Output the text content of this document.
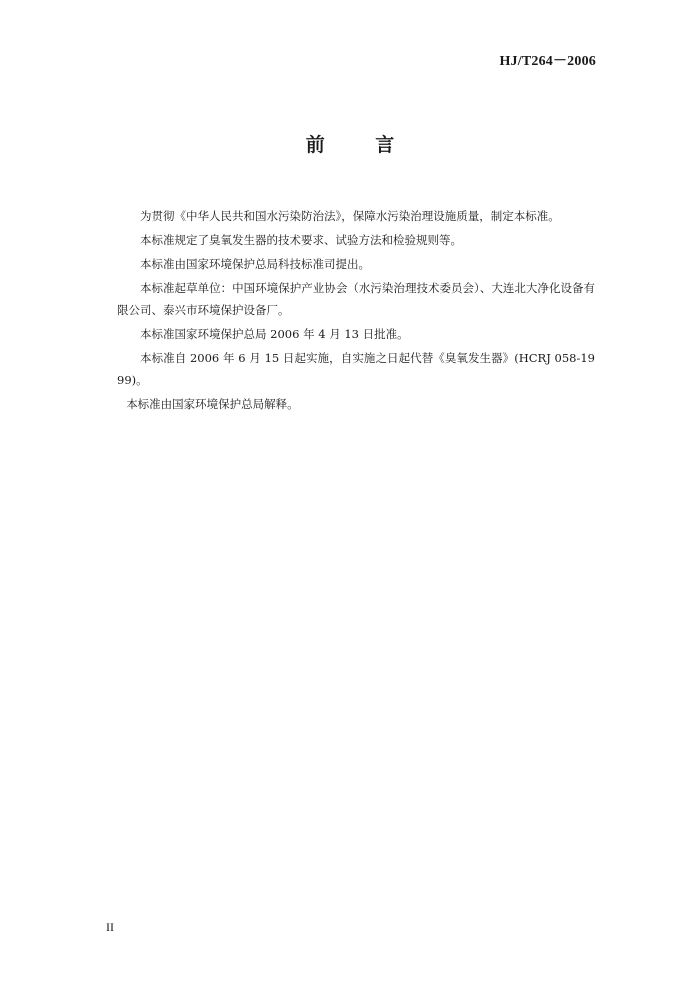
HJ/T264－2006
前 言

为贯彻《中华人民共和国水污染防治法》，保障水污染治理设施质量，制定本标准。

本标准规定了臭氧发生器的技术要求、试验方法和检验规则等。

本标准由国家环境保护总局科技标准司提出。

本标准起草单位：中国环境保护产业协会（水污染治理技术委员会）、大连北大净化设备有限公司、泰兴市环境保护设备厂。

本标准国家环境保护总局 2006 年 4 月 13 日批准。

本标准自 2006 年 6 月 15 日起实施，自实施之日起代替《臭氧发生器》(HCRJ 058-1999)。

本标准由国家环境保护总局解释。

II
